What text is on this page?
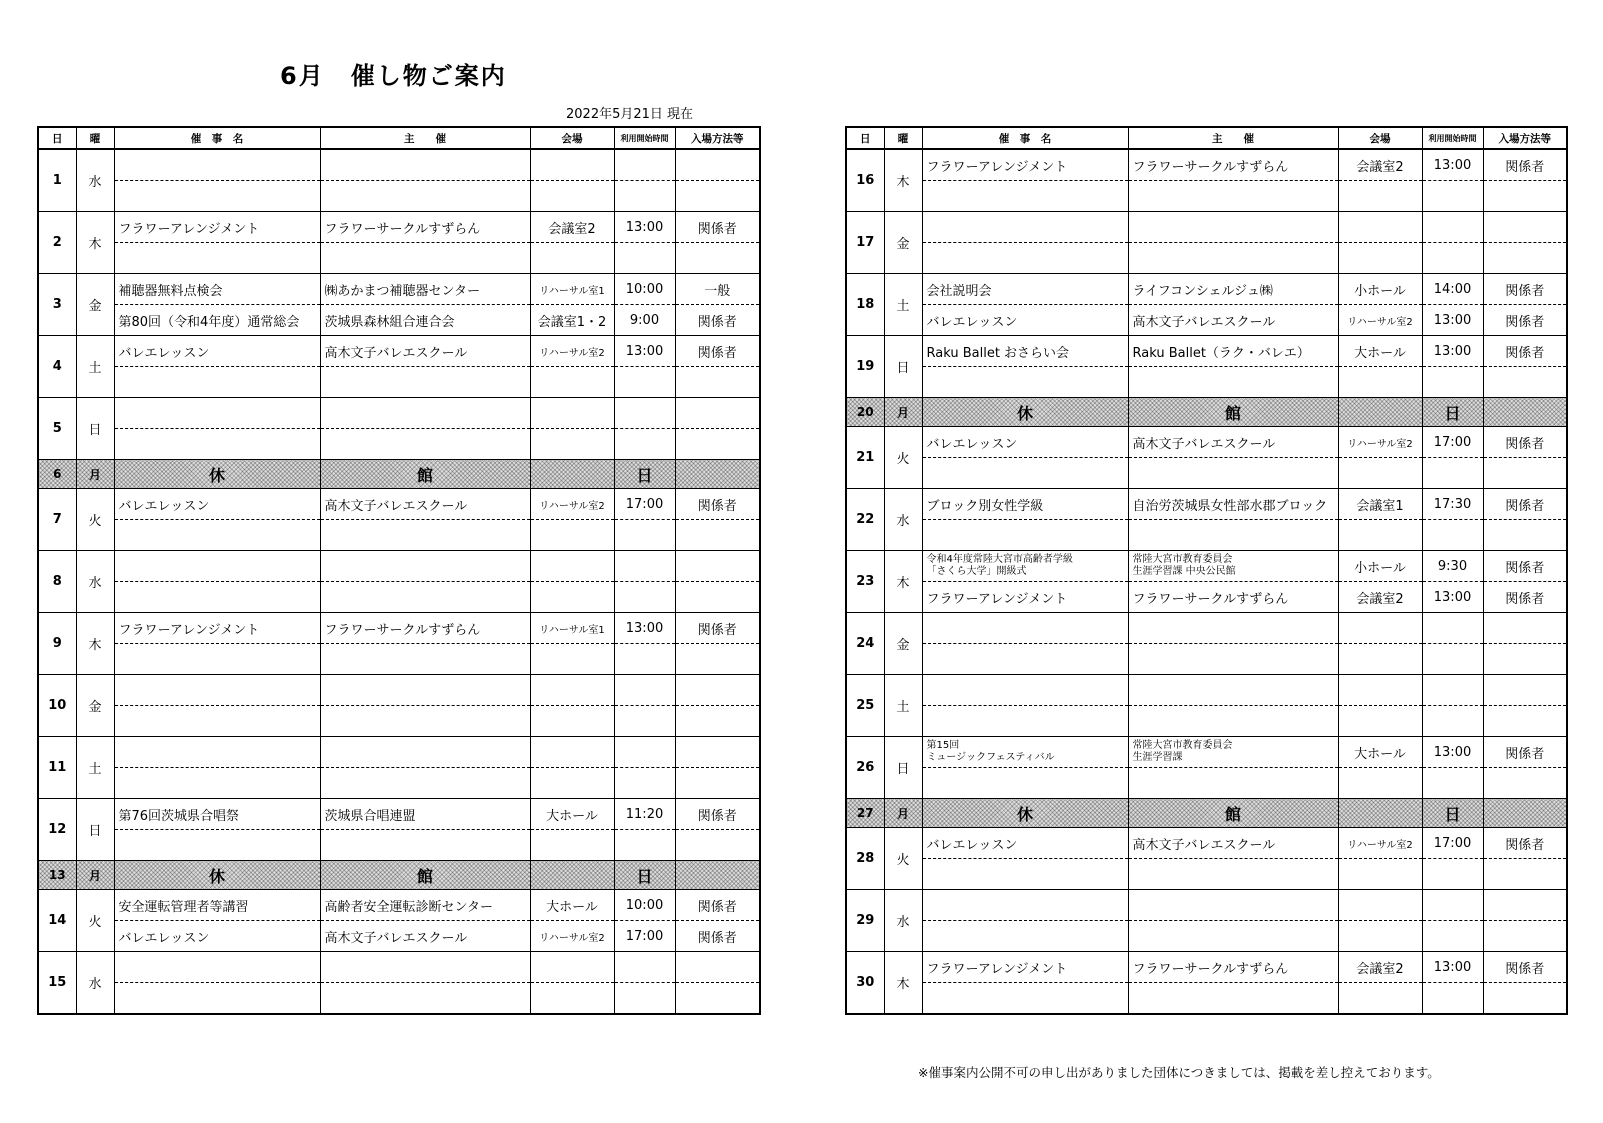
6月　催し物ご案内
2022年5月21日 現在
日	曜	催　事　名	主　　催	会場	利用開始時間	入場方法等
1	水					

2	木	フラワーアレンジメント	フラワーサークルすずらん	会議室2	13:00	関係者

3	金	補聴器無料点検会	㈱あかまつ補聴器センター	リハーサル室1	10:00	一般
		第80回（令和4年度）通常総会	茨城県森林組合連合会	会議室1・2	9:00	関係者
4	土	バレエレッスン	高木文子バレエスクール	リハーサル室2	13:00	関係者

5	日					

6	月	休	館		日	
7	火	バレエレッスン	高木文子バレエスクール	リハーサル室2	17:00	関係者

8	水					

9	木	フラワーアレンジメント	フラワーサークルすずらん	リハーサル室1	13:00	関係者

10	金					

11	土					

12	日	第76回茨城県合唱祭	茨城県合唱連盟	大ホール	11:20	関係者

13	月	休	館		日	
14	火	安全運転管理者等講習	高齢者安全運転診断センター	大ホール	10:00	関係者
		バレエレッスン	高木文子バレエスクール	リハーサル室2	17:00	関係者
15	水					

日	曜	催　事　名	主　　催	会場	利用開始時間	入場方法等
16	木	フラワーアレンジメント	フラワーサークルすずらん	会議室2	13:00	関係者

17	金					

18	土	会社説明会	ライフコンシェルジュ㈱	小ホール	14:00	関係者
		バレエレッスン	高木文子バレエスクール	リハーサル室2	13:00	関係者
19	日	Raku Ballet おさらい会	Raku Ballet（ラク・バレエ）	大ホール	13:00	関係者

20	月	休	館		日	
21	火	バレエレッスン	高木文子バレエスクール	リハーサル室2	17:00	関係者

22	水	ブロック別女性学級	自治労茨城県女性部水郡ブロック	会議室1	17:30	関係者

23	木	令和4年度常陸大宮市高齢者学級
「さくら大学」開級式	常陸大宮市教育委員会
生涯学習課 中央公民館	小ホール	9:30	関係者
		フラワーアレンジメント	フラワーサークルすずらん	会議室2	13:00	関係者
24	金					

25	土					

26	日	第15回
ミュージックフェスティバル	常陸大宮市教育委員会
生涯学習課	大ホール	13:00	関係者

27	月	休	館		日	
28	火	バレエレッスン	高木文子バレエスクール	リハーサル室2	17:00	関係者

29	水					

30	木	フラワーアレンジメント	フラワーサークルすずらん	会議室2	13:00	関係者

※催事案内公開不可の申し出がありました団体につきましては、掲載を差し控えております。
